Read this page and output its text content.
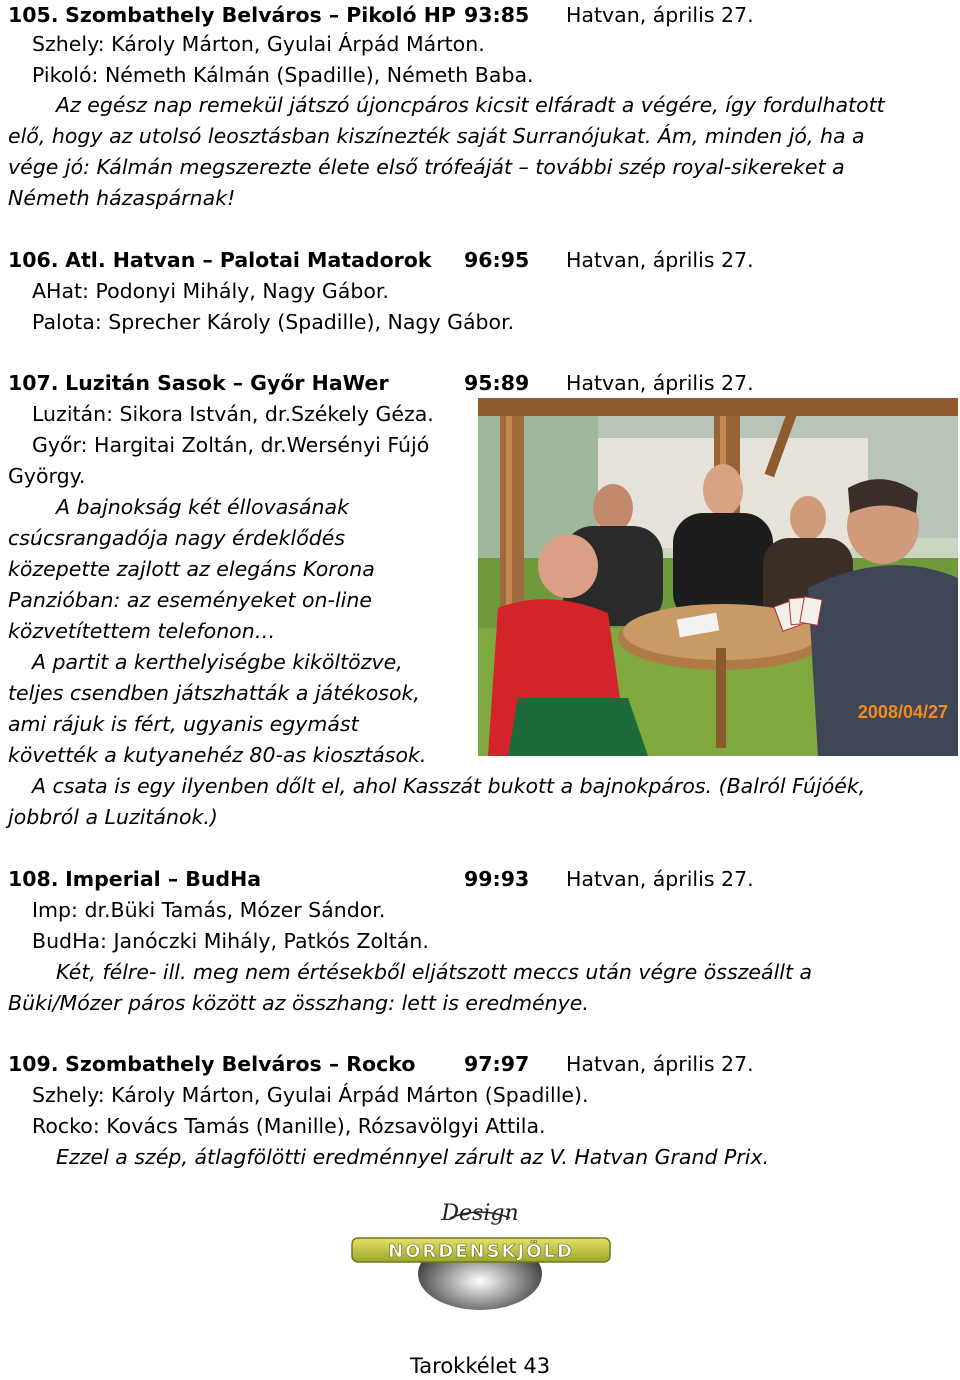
105. Szombathely Belváros – Pikoló HP 93:85 Hatvan, április 27.
Szhely: Károly Márton, Gyulai Árpád Márton.
Pikoló: Németh Kálmán (Spadille), Németh Baba.
Az egész nap remekül játszó újoncpáros kicsit elfáradt a végére, így fordulhatott
elő, hogy az utolsó leosztásban kiszínezték saját Surranójukat. Ám, minden jó, ha a
vége jó: Kálmán megszerezte élete első trófeáját – további szép royal-sikereket a
Németh házaspárnak!
106. Atl. Hatvan – Palotai Matadorok 96:95 Hatvan, április 27.
AHat: Podonyi Mihály, Nagy Gábor.
Palota: Sprecher Károly (Spadille), Nagy Gábor.
107. Luzitán Sasok – Győr HaWer	95:89 Hatvan, április 27.
Luzitán: Sikora István, dr.Székely Géza.
Győr: Hargitai Zoltán, dr.Wersényi Fújó
György.
A bajnokság két éllovasának
csúcsrangadója nagy érdeklődés
közepette zajlott az elegáns Korona
Panzióban: az eseményeket on-line
közvetítettem telefonon…
A partit a kerthelyiségbe kiköltözve,
teljes csendben játszhatták a játékosok,
ami rájuk is fért, ugyanis egymást
követték a kutyanehéz 80-as kiosztások.
A csata is egy ilyenben dőlt el, ahol Kasszát bukott a bajnokpáros. (Balról Fújóék,
jobbról a Luzitánok.)
2008/04/27
108. Imperial – BudHa	99:93 Hatvan, április 27.
Imp: dr.Büki Tamás, Mózer Sándor.
BudHa: Janóczki Mihály, Patkós Zoltán.
Két, félre- ill. meg nem értésekből eljátszott meccs után végre összeállt a
Büki/Mózer páros között az összhang: lett is eredménye.
109. Szombathely Belváros – Rocko 97:97 Hatvan, április 27.
Szhely: Károly Márton, Gyulai Árpád Márton (Spadille).
Rocko: Kovács Tamás (Manille), Rózsavölgyi Attila.
Ezzel a szép, átlagfölötti eredménnyel zárult az V. Hatvan Grand Prix.
Design
NORDENSKJÖLD
Tarokkélet 43
